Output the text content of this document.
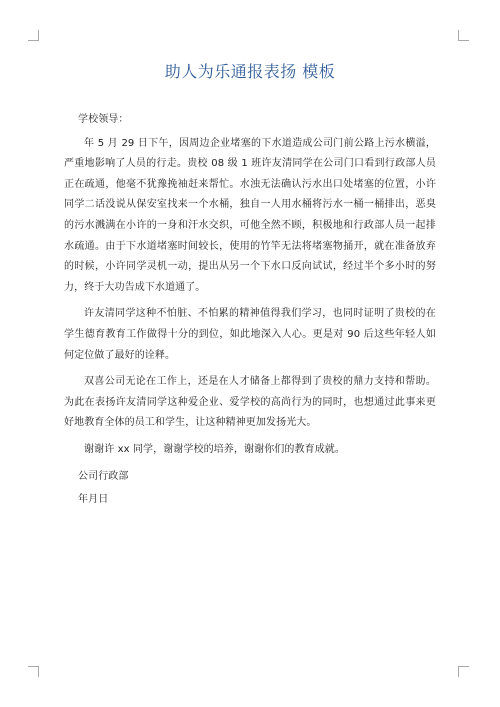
助人为乐通报表扬 模板

学校领导：

年 5 月 29 日下午，因周边企业堵塞的下水道造成公司门前公路上污水横溢，严重地影响了人员的行走。贵校 08 级 1 班许友清同学在公司门口看到行政部人员正在疏通，他毫不犹豫挽袖赶来帮忙。水浊无法确认污水出口处堵塞的位置，小许同学二话没说从保安室找来一个水桶，独自一人用水桶将污水一桶一桶排出，恶臭的污水溅满在小许的一身和汗水交织，可他全然不顾，积极地和行政部人员一起排水疏通。由于下水道堵塞时间较长，使用的竹竿无法将堵塞物捅开，就在准备放弃的时候，小许同学灵机一动，提出从另一个下水口反向试试，经过半个多小时的努力，终于大功告成下水道通了。

许友清同学这种不怕脏、不怕累的精神值得我们学习，也同时证明了贵校的在学生德育教育工作做得十分的到位，如此地深入人心。更是对 90 后这些年轻人如何定位做了最好的诠释。

双喜公司无论在工作上，还是在人才储备上都得到了贵校的鼎力支持和帮助。为此在表扬许友清同学这种爱企业、爱学校的高尚行为的同时，也想通过此事来更好地教育全体的员工和学生，让这种精神更加发扬光大。

谢谢许 xx 同学，谢谢学校的培养，谢谢你们的教育成就。

公司行政部

年月日
